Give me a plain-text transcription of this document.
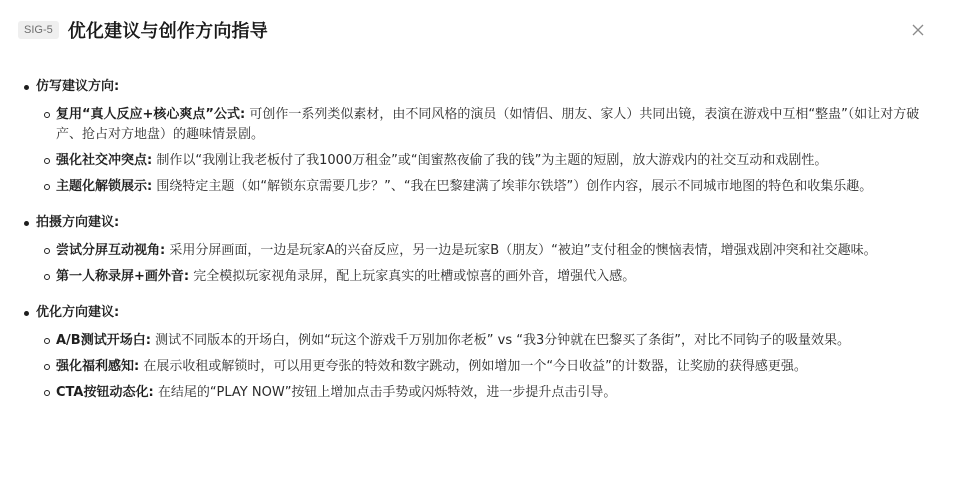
SIG-5 优化建议与创作方向指导
仿写建议方向:
复用“真人反应+核心爽点”公式: 可创作一系列类似素材，由不同风格的演员（如情侣、朋友、家人）共同出镜，表演在游戏中互相“整蛊”（如让对方破产、抢占对方地盘）的趣味情景剧。
强化社交冲突点: 制作以“我刚让我老板付了我1000万租金”或“闺蜜熬夜偷了我的钱”为主题的短剧，放大游戏内的社交互动和戏剧性。
主题化解锁展示: 围绕特定主题（如“解锁东京需要几步？”、“我在巴黎建满了埃菲尔铁塔”）创作内容，展示不同城市地图的特色和收集乐趣。
拍摄方向建议:
尝试分屏互动视角: 采用分屏画面，一边是玩家A的兴奋反应，另一边是玩家B（朋友）“被迫”支付租金的懊恼表情，增强戏剧冲突和社交趣味。
第一人称录屏+画外音: 完全模拟玩家视角录屏，配上玩家真实的吐槽或惊喜的画外音，增强代入感。
优化方向建议:
A/B测试开场白: 测试不同版本的开场白，例如“玩这个游戏千万别加你老板” vs “我3分钟就在巴黎买了条街”，对比不同钩子的吸量效果。
强化福利感知: 在展示收租或解锁时，可以用更夸张的特效和数字跳动，例如增加一个“今日收益”的计数器，让奖励的获得感更强。
CTA按钮动态化: 在结尾的“PLAY NOW”按钮上增加点击手势或闪烁特效，进一步提升点击引导。
